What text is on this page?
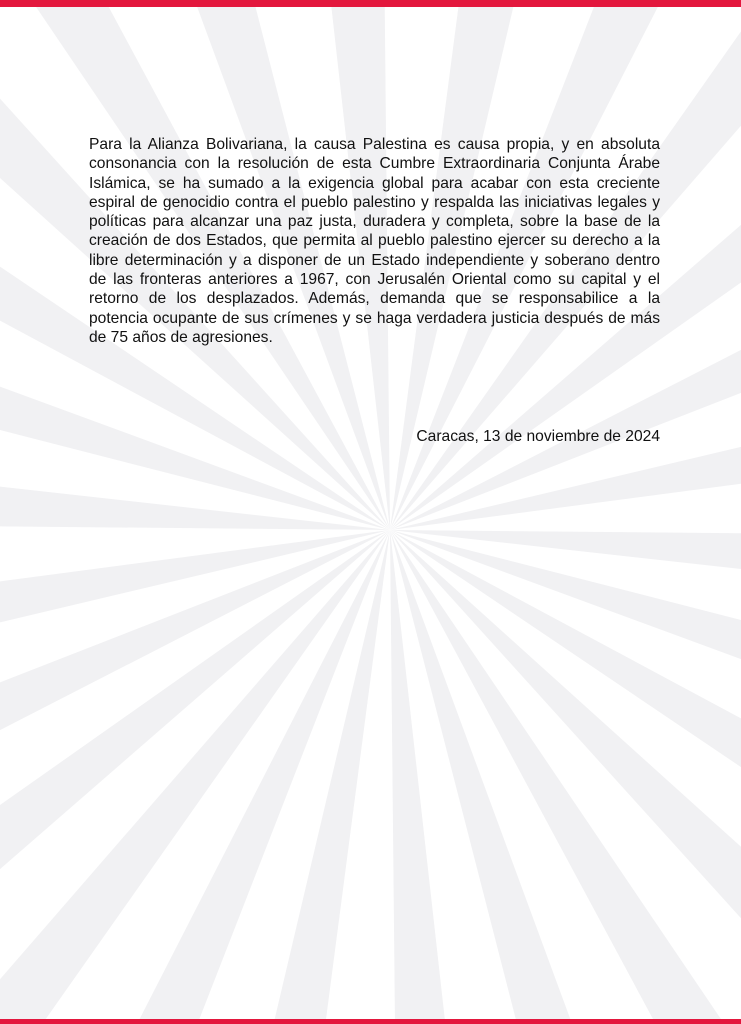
Para la Alianza Bolivariana, la causa Palestina es causa propia, y en absoluta consonancia con la resolución de esta Cumbre Extraordinaria Conjunta Árabe Islámica, se ha sumado a la exigencia global para acabar con esta creciente espiral de genocidio contra el pueblo palestino y respalda las iniciativas legales y políticas para alcanzar una paz justa, duradera y completa, sobre la base de la creación de dos Estados, que permita al pueblo palestino ejercer su derecho a la libre determinación y a disponer de un Estado independiente y soberano dentro de las fronteras anteriores a 1967, con Jerusalén Oriental como su capital y el retorno de los desplazados. Además, demanda que se responsabilice a la potencia ocupante de sus crímenes y se haga verdadera justicia después de más de 75 años de agresiones.

Caracas, 13 de noviembre de 2024
